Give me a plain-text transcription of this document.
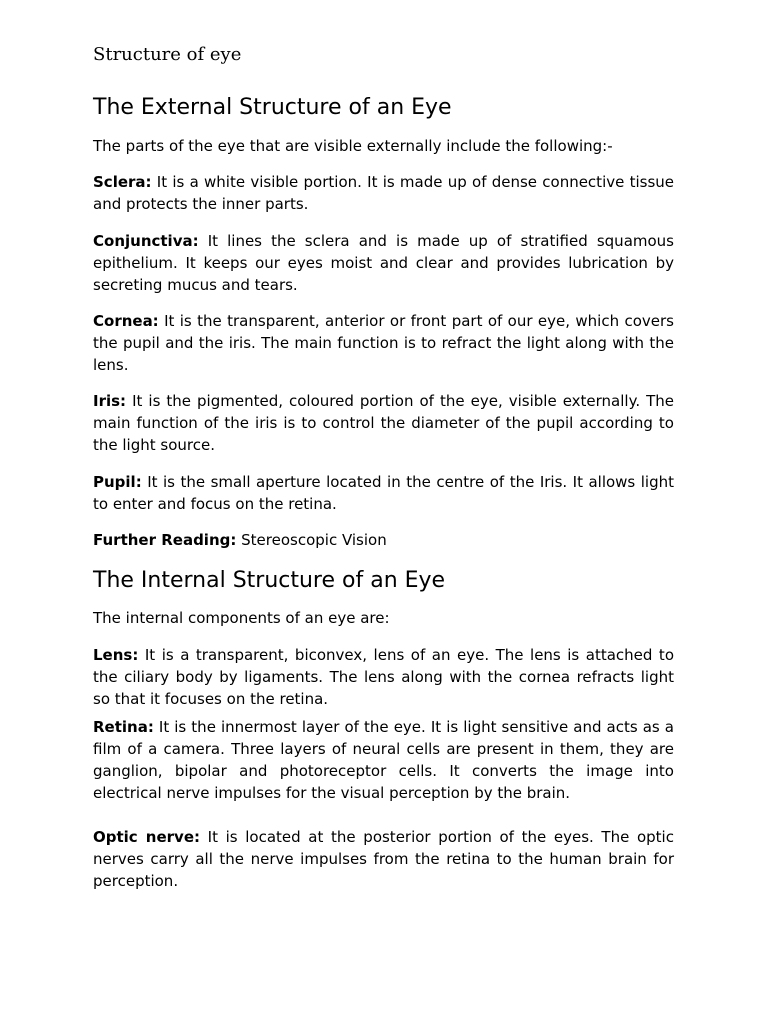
Structure of eye
The External Structure of an Eye

The parts of the eye that are visible externally include the following:-

Sclera: It is a white visible portion. It is made up of dense connective tissue and protects the inner parts.

Conjunctiva: It lines the sclera and is made up of stratified squamous epithelium. It keeps our eyes moist and clear and provides lubrication by secreting mucus and tears.

Cornea: It is the transparent, anterior or front part of our eye, which covers the pupil and the iris. The main function is to refract the light along with the lens.

Iris: It is the pigmented, coloured portion of the eye, visible externally. The main function of the iris is to control the diameter of the pupil according to the light source.

Pupil: It is the small aperture located in the centre of the Iris. It allows light to enter and focus on the retina.

Further Reading: Stereoscopic Vision

The Internal Structure of an Eye

The internal components of an eye are:

Lens: It is a transparent, biconvex, lens of an eye. The lens is attached to the ciliary body by ligaments. The lens along with the cornea refracts light so that it focuses on the retina.

Retina: It is the innermost layer of the eye. It is light sensitive and acts as a film of a camera. Three layers of neural cells are present in them, they are ganglion, bipolar and photoreceptor cells. It converts the image into electrical nerve impulses for the visual perception by the brain.

Optic nerve: It is located at the posterior portion of the eyes. The optic nerves carry all the nerve impulses from the retina to the human brain for perception.
